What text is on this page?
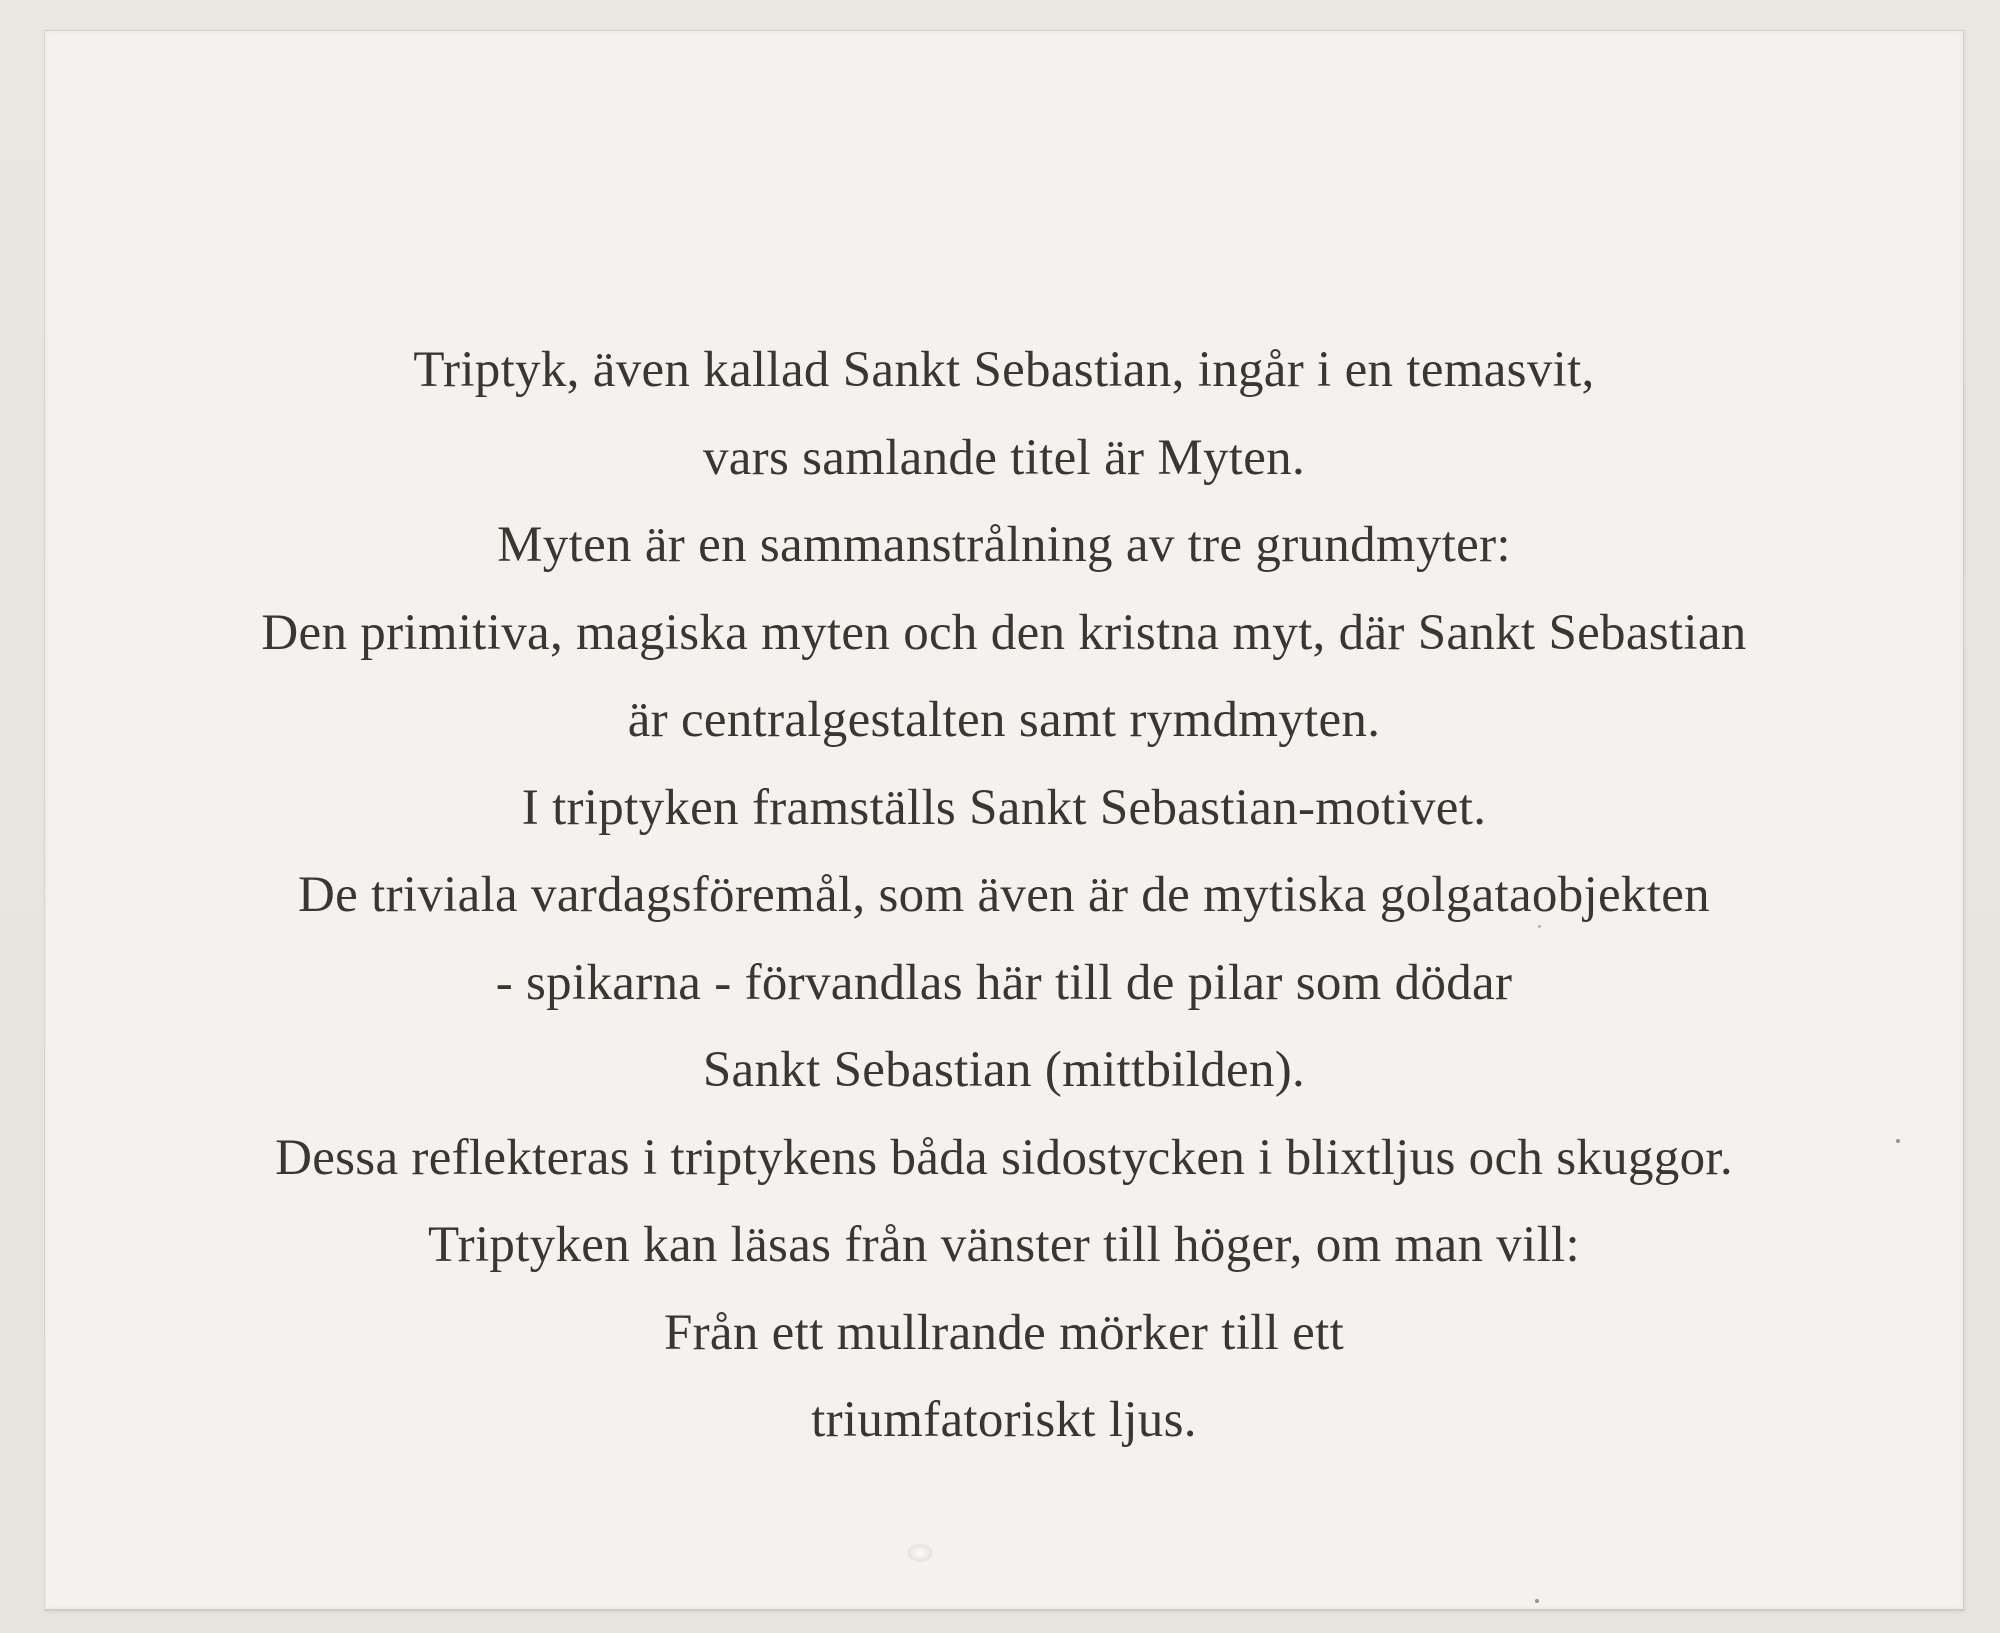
Triptyk, även kallad Sankt Sebastian, ingår i en temasvit,
vars samlande titel är Myten.
Myten är en sammanstrålning av tre grundmyter:
Den primitiva, magiska myten och den kristna myt, där Sankt Sebastian
är centralgestalten samt rymdmyten.
I triptyken framställs Sankt Sebastian-motivet.
De triviala vardagsföremål, som även är de mytiska golgataobjekten
- spikarna - förvandlas här till de pilar som dödar
Sankt Sebastian (mittbilden).
Dessa reflekteras i triptykens båda sidostycken i blixtljus och skuggor.
Triptyken kan läsas från vänster till höger, om man vill:
Från ett mullrande mörker till ett
triumfatoriskt ljus.
